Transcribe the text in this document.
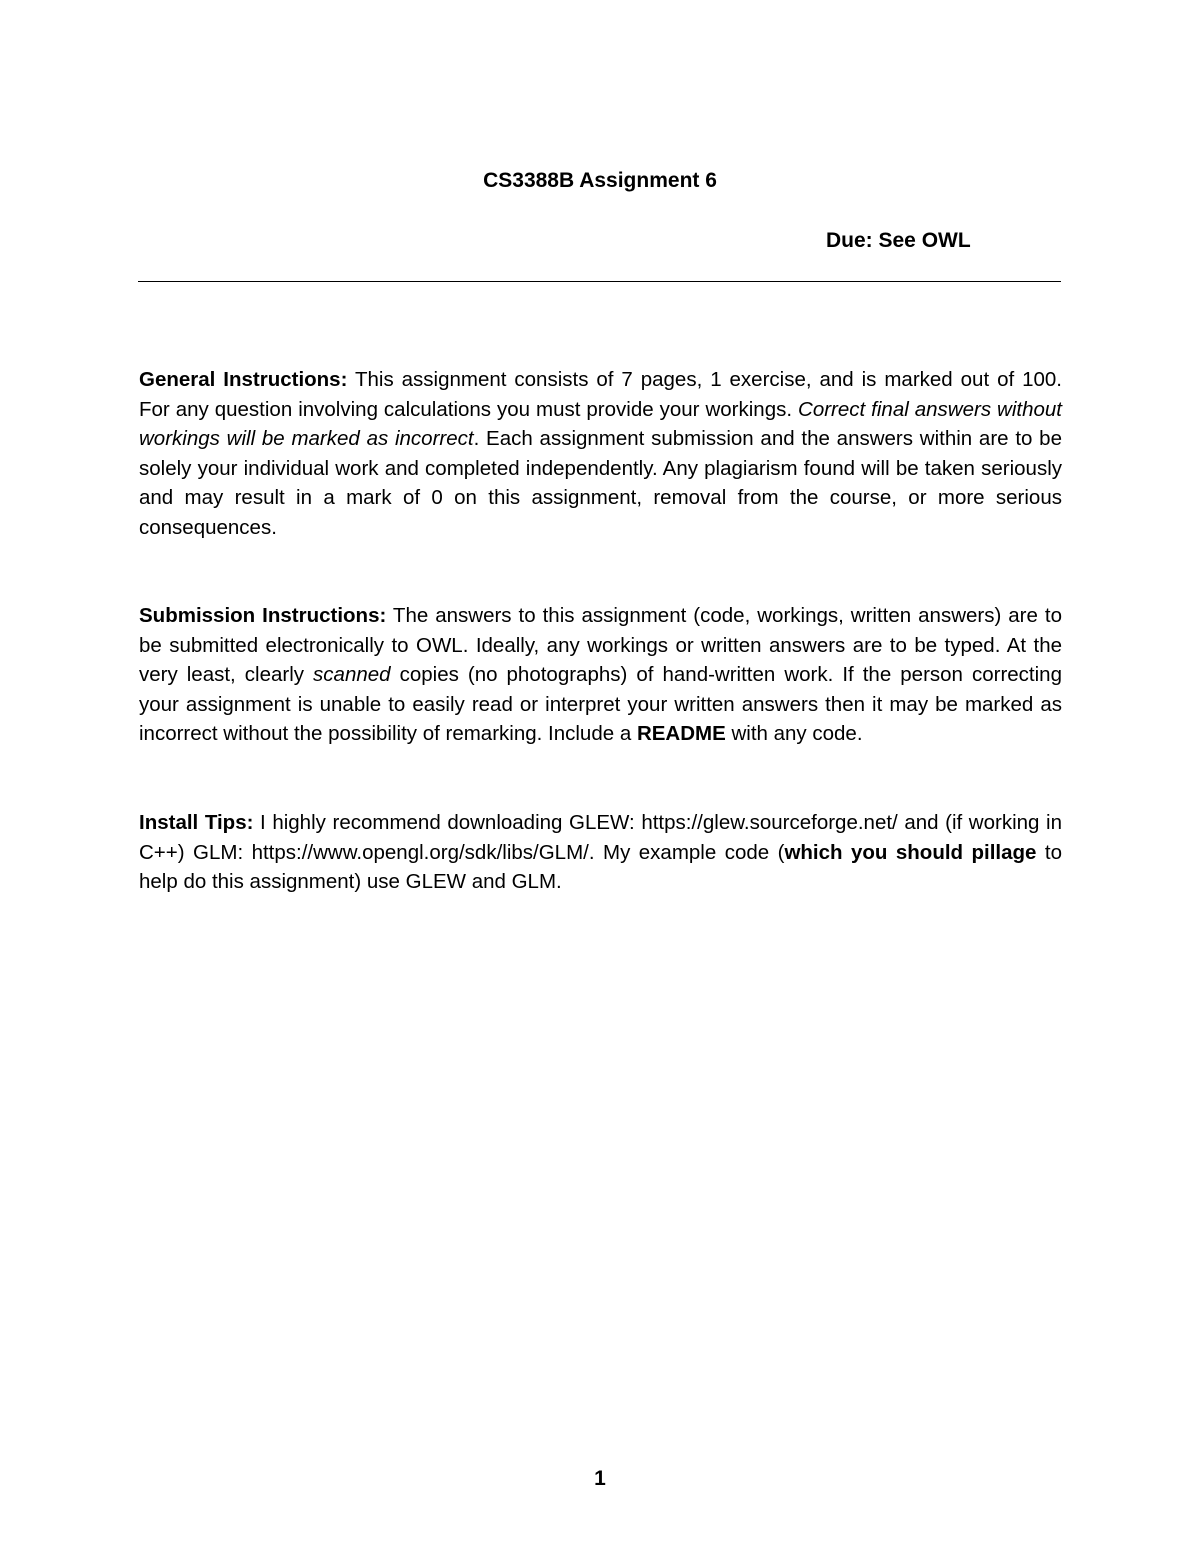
CS3388B Assignment 6
Due: See OWL
General Instructions: This assignment consists of 7 pages, 1 exercise, and is marked out of 100. For any question involving calculations you must provide your workings. Correct final answers without workings will be marked as incorrect. Each assignment submission and the answers within are to be solely your individual work and completed independently. Any plagiarism found will be taken seriously and may result in a mark of 0 on this assignment, removal from the course, or more serious consequences.
Submission Instructions: The answers to this assignment (code, workings, written answers) are to be submitted electronically to OWL. Ideally, any workings or written answers are to be typed. At the very least, clearly scanned copies (no photographs) of hand-written work. If the person correcting your assignment is unable to easily read or interpret your written answers then it may be marked as incorrect without the possibility of remarking. Include a README with any code.
Install Tips: I highly recommend downloading GLEW: https://glew.sourceforge.net/ and (if working in C++) GLM: https://www.opengl.org/sdk/libs/GLM/. My example code (which you should pillage to help do this assignment) use GLEW and GLM.
1
